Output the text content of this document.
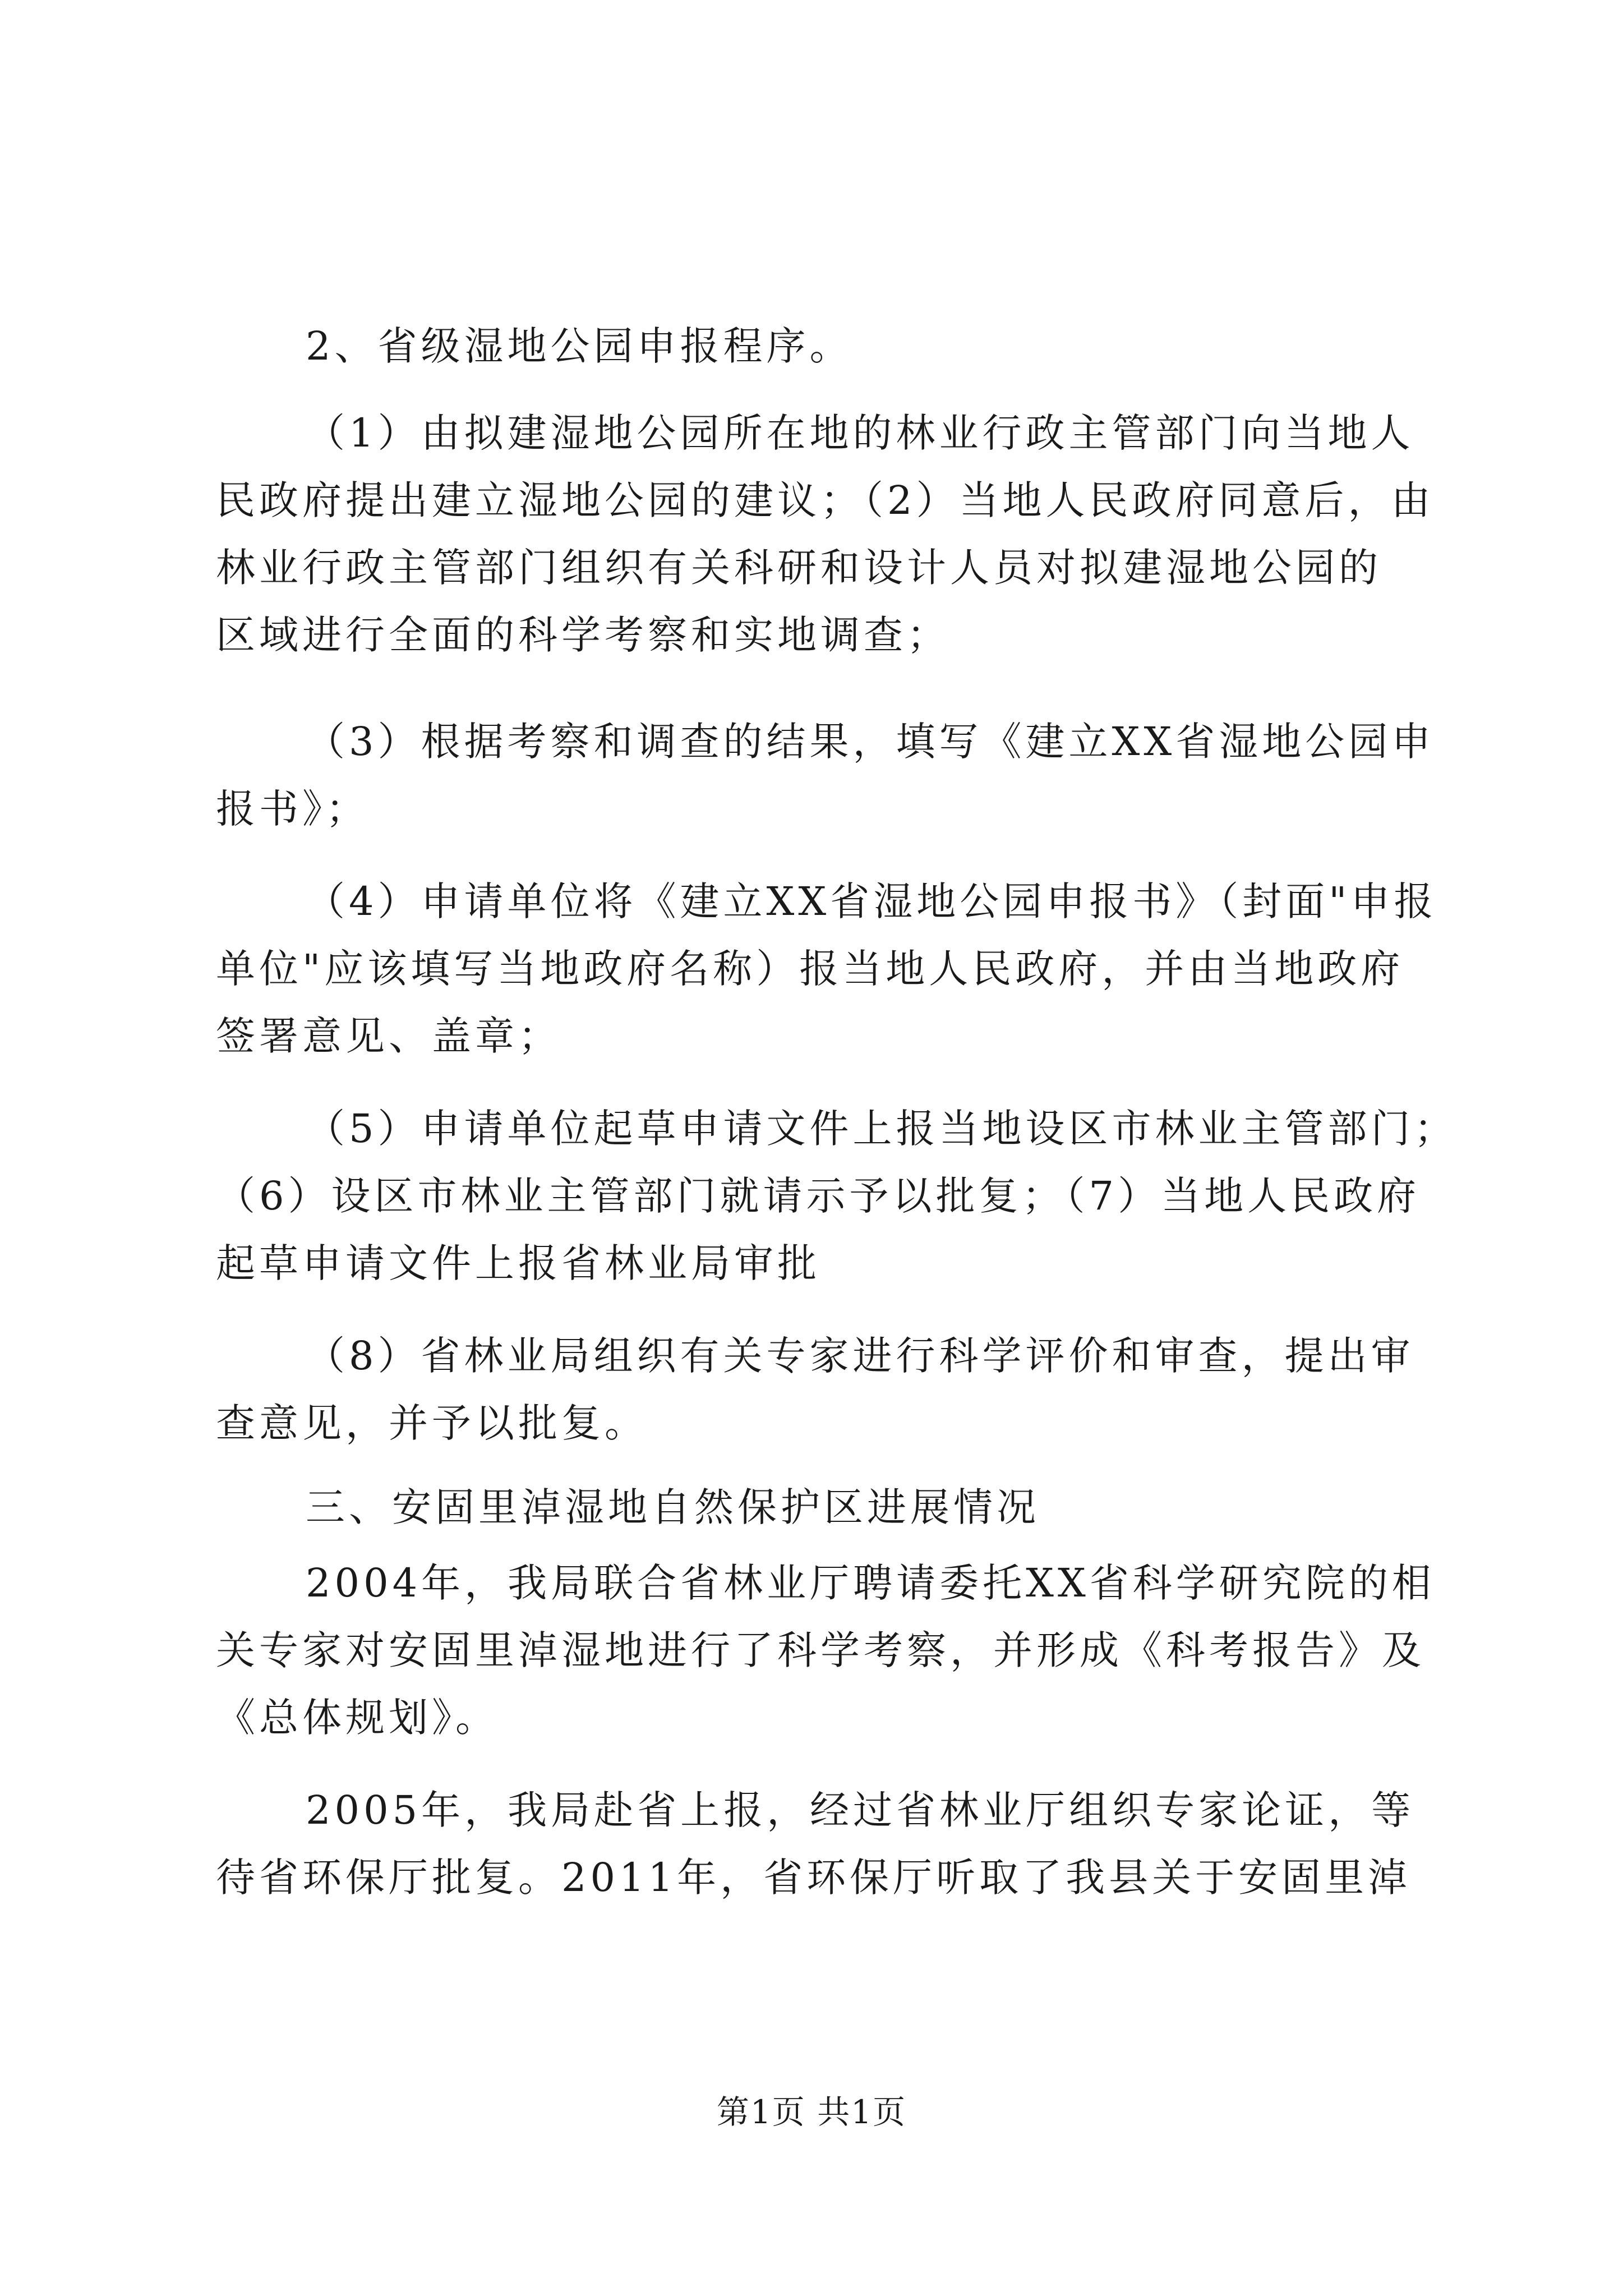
2、省级湿地公园申报程序。
（1）由拟建湿地公园所在地的林业行政主管部门向当地人
民政府提出建立湿地公园的建议；（2）当地人民政府同意后，由
林业行政主管部门组织有关科研和设计人员对拟建湿地公园的
区域进行全面的科学考察和实地调查；
（3）根据考察和调查的结果，填写《建立XX省湿地公园申
报书》；
（4）申请单位将《建立XX省湿地公园申报书》（封面"申报
单位"应该填写当地政府名称）报当地人民政府，并由当地政府
签署意见、盖章；
（5）申请单位起草申请文件上报当地设区市林业主管部门；
（6）设区市林业主管部门就请示予以批复；（7）当地人民政府
起草申请文件上报省林业局审批
（8）省林业局组织有关专家进行科学评价和审查，提出审
查意见，并予以批复。
三、安固里淖湿地自然保护区进展情况
2004年，我局联合省林业厅聘请委托XX省科学研究院的相
关专家对安固里淖湿地进行了科学考察，并形成《科考报告》及
《总体规划》。
2005年，我局赴省上报，经过省林业厅组织专家论证，等
待省环保厅批复。2011年，省环保厅听取了我县关于安固里淖
第1页 共1页
